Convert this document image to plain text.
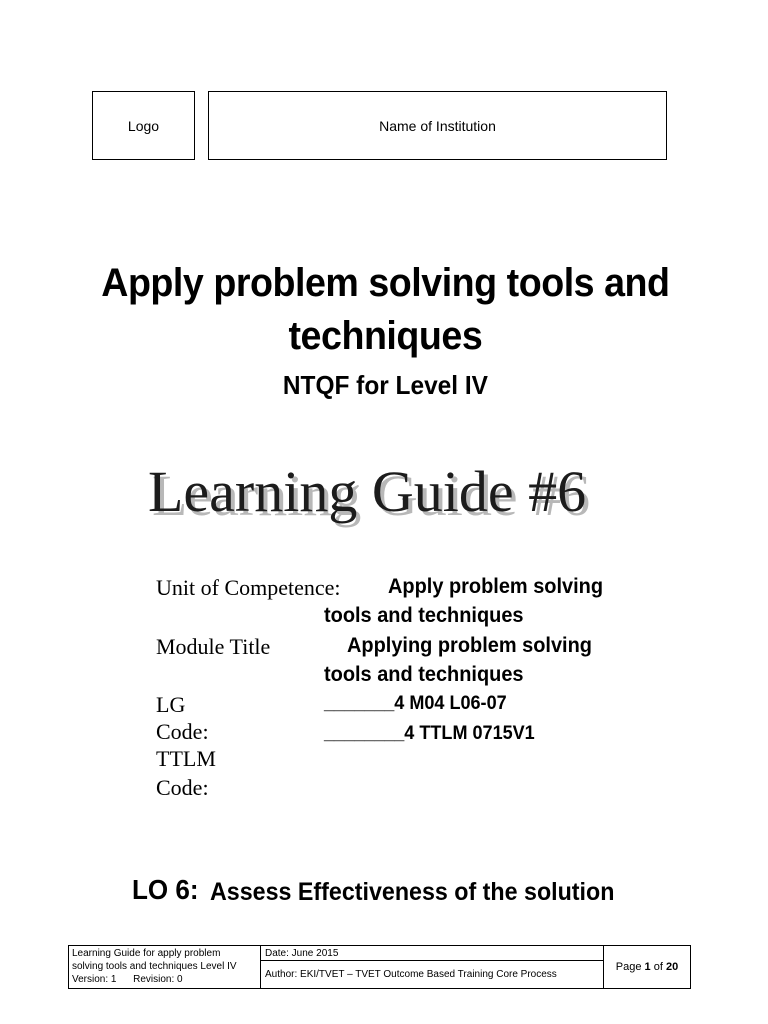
Logo	Name of Institution
Apply problem solving tools and
techniques
NTQF for Level IV
Learning Guide #6
Unit of Competence: Apply problem solving
tools and techniques
Module Title	Applying problem solving
tools and techniques
LG
Code:
_______4 M04 L06-07
TTLM
Code:
________4 TTLM 0715V1
LO 6: Assess Effectiveness of the solution
Learning Guide for apply problem
solving tools and techniques Level IV
Version: 1      Revision: 0
Date: June 2015
Author: EKI/TVET – TVET Outcome Based Training Core Process
Page 1 of 20
